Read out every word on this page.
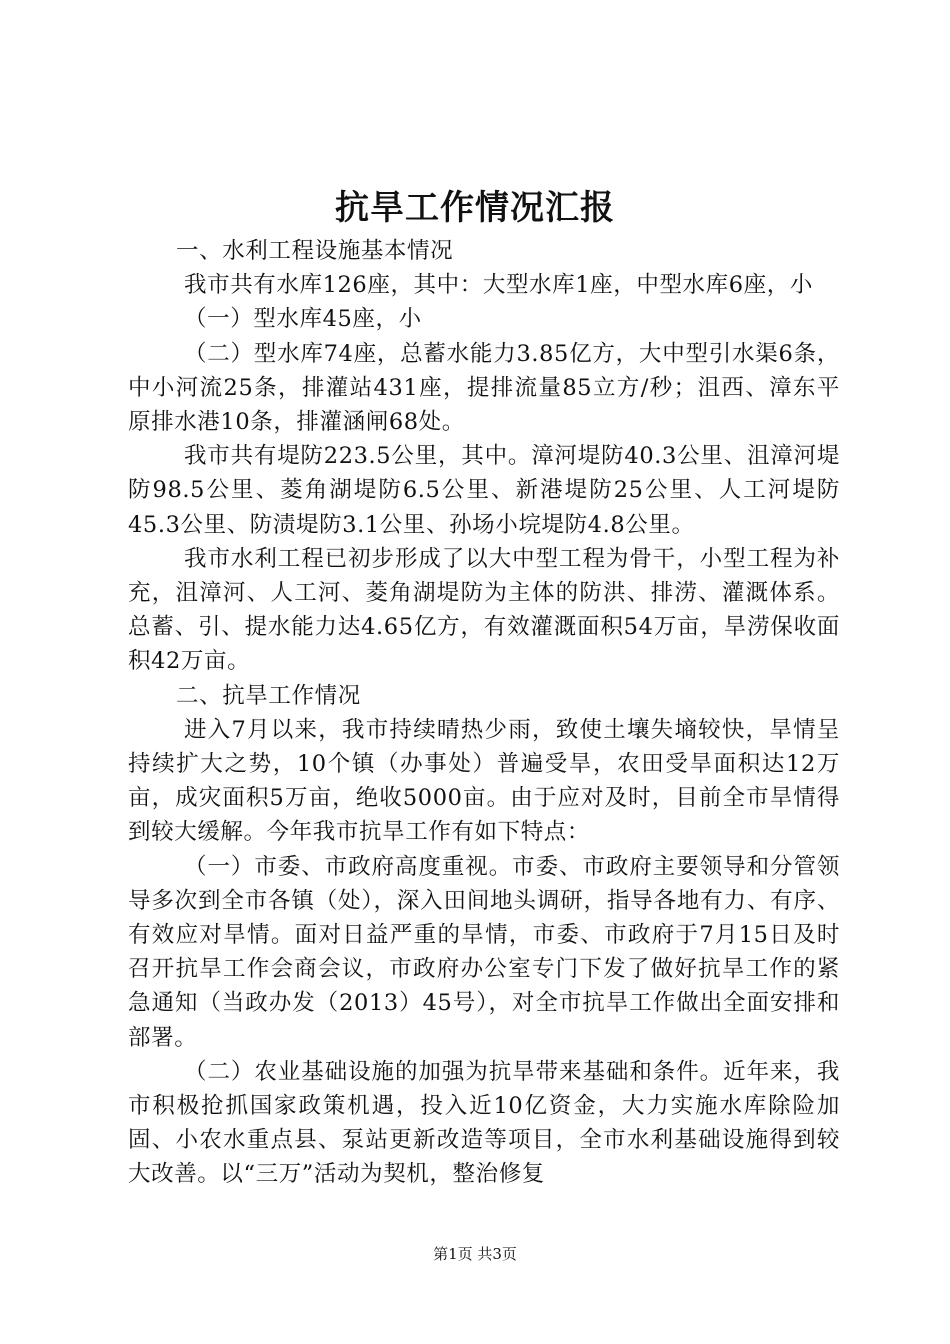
抗旱工作情况汇报

一、水利工程设施基本情况

我市共有水库126座，其中：大型水库1座，中型水库6座，小

（一）型水库45座，小

（二）型水库74座，总蓄水能力3.85亿方，大中型引水渠6条，中小河流25条，排灌站431座，提排流量85立方/秒；沮西、漳东平原排水港10条，排灌涵闸68处。

我市共有堤防223.5公里，其中。漳河堤防40.3公里、沮漳河堤防98.5公里、菱角湖堤防6.5公里、新港堤防25公里、人工河堤防45.3公里、防渍堤防3.1公里、孙场小垸堤防4.8公里。

我市水利工程已初步形成了以大中型工程为骨干，小型工程为补充，沮漳河、人工河、菱角湖堤防为主体的防洪、排涝、灌溉体系。总蓄、引、提水能力达4.65亿方，有效灌溉面积54万亩，旱涝保收面积42万亩。

二、抗旱工作情况

进入7月以来，我市持续晴热少雨，致使土壤失墒较快，旱情呈持续扩大之势，10个镇（办事处）普遍受旱，农田受旱面积达12万亩，成灾面积5万亩，绝收5000亩。由于应对及时，目前全市旱情得到较大缓解。今年我市抗旱工作有如下特点：

（一）市委、市政府高度重视。市委、市政府主要领导和分管领导多次到全市各镇（处），深入田间地头调研，指导各地有力、有序、有效应对旱情。面对日益严重的旱情，市委、市政府于7月15日及时召开抗旱工作会商会议，市政府办公室专门下发了做好抗旱工作的紧急通知（当政办发（2013）45号），对全市抗旱工作做出全面安排和部署。

（二）农业基础设施的加强为抗旱带来基础和条件。近年来，我市积极抢抓国家政策机遇，投入近10亿资金，大力实施水库除险加固、小农水重点县、泵站更新改造等项目，全市水利基础设施得到较大改善。以“三万”活动为契机，整治修复

第1页 共3页
